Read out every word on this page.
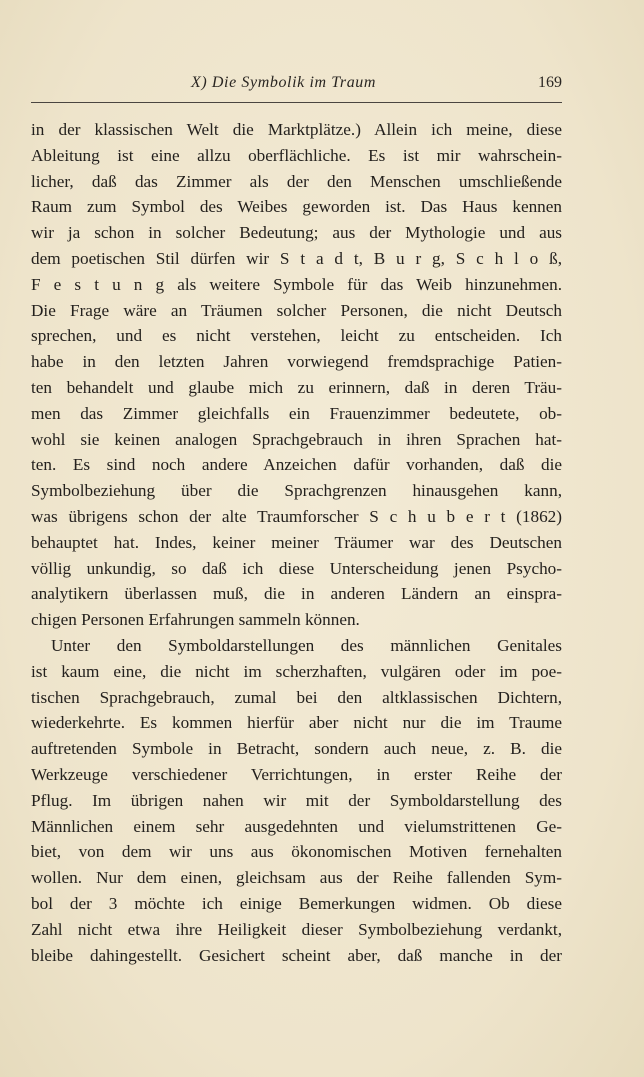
X) Die Symbolik im Traum	169
in der klassischen Welt die Marktplätze.) Allein ich meine, diese
Ableitung ist eine allzu oberflächliche. Es ist mir wahrschein-
licher, daß das Zimmer als der den Menschen umschließende
Raum zum Symbol des Weibes geworden ist. Das Haus kennen
wir ja schon in solcher Bedeutung; aus der Mythologie und aus
dem poetischen Stil dürfen wir S t a d t, B u r g, S c h l o ß,
F e s t u n g als weitere Symbole für das Weib hinzunehmen.
Die Frage wäre an Träumen solcher Personen, die nicht Deutsch
sprechen, und es nicht verstehen, leicht zu entscheiden. Ich
habe in den letzten Jahren vorwiegend fremdsprachige Patien-
ten behandelt und glaube mich zu erinnern, daß in deren Träu-
men das Zimmer gleichfalls ein Frauenzimmer bedeutete, ob-
wohl sie keinen analogen Sprachgebrauch in ihren Sprachen hat-
ten. Es sind noch andere Anzeichen dafür vorhanden, daß die
Symbolbeziehung über die Sprachgrenzen hinausgehen kann,
was übrigens schon der alte Traumforscher S c h u b e r t (1862)
behauptet hat. Indes, keiner meiner Träumer war des Deutschen
völlig unkundig, so daß ich diese Unterscheidung jenen Psycho-
analytikern überlassen muß, die in anderen Ländern an einspra-
chigen Personen Erfahrungen sammeln können.
Unter den Symboldarstellungen des männlichen Genitales
ist kaum eine, die nicht im scherzhaften, vulgären oder im poe-
tischen Sprachgebrauch, zumal bei den altklassischen Dichtern,
wiederkehrte. Es kommen hierfür aber nicht nur die im Traume
auftretenden Symbole in Betracht, sondern auch neue, z. B. die
Werkzeuge verschiedener Verrichtungen, in erster Reihe der
Pflug. Im übrigen nahen wir mit der Symboldarstellung des
Männlichen einem sehr ausgedehnten und vielumstrittenen Ge-
biet, von dem wir uns aus ökonomischen Motiven fernehalten
wollen. Nur dem einen, gleichsam aus der Reihe fallenden Sym-
bol der 3 möchte ich einige Bemerkungen widmen. Ob diese
Zahl nicht etwa ihre Heiligkeit dieser Symbolbeziehung verdankt,
bleibe dahingestellt. Gesichert scheint aber, daß manche in der
